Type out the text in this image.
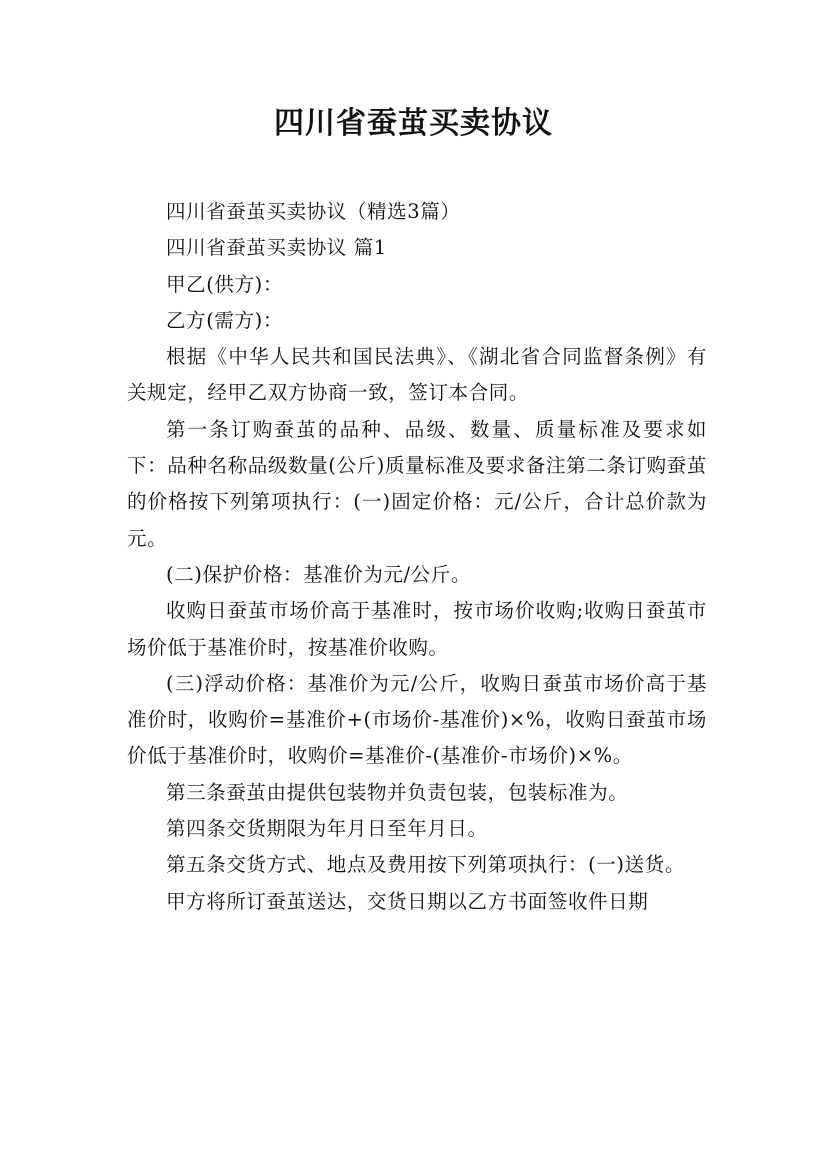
四川省蚕茧买卖协议

四川省蚕茧买卖协议（精选3篇）

四川省蚕茧买卖协议 篇1

甲乙(供方)：

乙方(需方)：

根据《中华人民共和国民法典》、《湖北省合同监督条例》有关规定，经甲乙双方协商一致，签订本合同。

第一条订购蚕茧的品种、品级、数量、质量标准及要求如下：品种名称品级数量(公斤)质量标准及要求备注第二条订购蚕茧的价格按下列第项执行：(一)固定价格：元/公斤，合计总价款为元。

(二)保护价格：基准价为元/公斤。

收购日蚕茧市场价高于基准时，按市场价收购;收购日蚕茧市场价低于基准价时，按基准价收购。

(三)浮动价格：基准价为元/公斤，收购日蚕茧市场价高于基准价时，收购价=基准价+(市场价-基准价)×%，收购日蚕茧市场价低于基准价时，收购价=基准价-(基准价-市场价)×%。

第三条蚕茧由提供包装物并负责包装，包装标准为。

第四条交货期限为年月日至年月日。

第五条交货方式、地点及费用按下列第项执行：(一)送货。

甲方将所订蚕茧送达，交货日期以乙方书面签收件日期
